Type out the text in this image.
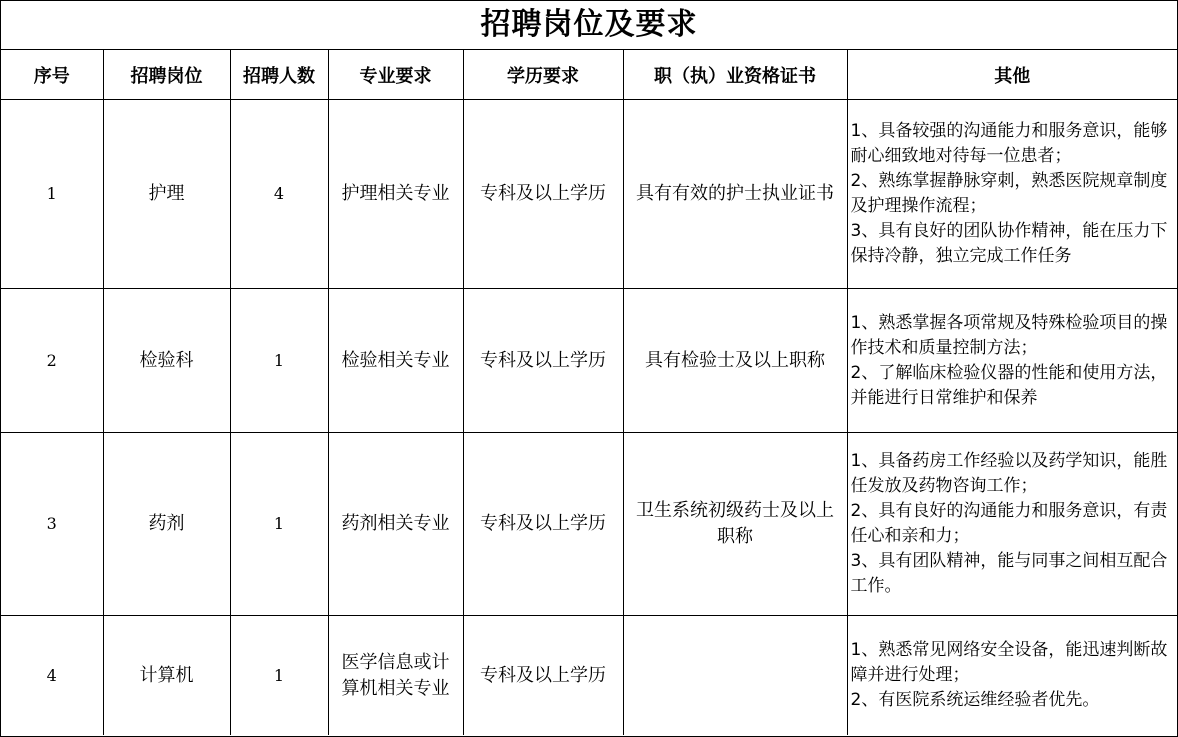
招聘岗位及要求
序号	招聘岗位	招聘人数	专业要求	学历要求	职（执）业资格证书	其他
1	护理	4	护理相关专业	专科及以上学历	具有有效的护士执业证书	1、具备较强的沟通能力和服务意识，能够耐心细致地对待每一位患者；
2、熟练掌握静脉穿刺，熟悉医院规章制度及护理操作流程；
3、具有良好的团队协作精神，能在压力下保持冷静，独立完成工作任务

2	检验科	1	检验相关专业	专科及以上学历	具有检验士及以上职称	1、熟悉掌握各项常规及特殊检验项目的操作技术和质量控制方法；
2、了解临床检验仪器的性能和使用方法，并能进行日常维护和保养

3	药剂	1	药剂相关专业	专科及以上学历	卫生系统初级药士及以上职称	1、具备药房工作经验以及药学知识，能胜任发放及药物咨询工作；
2、具有良好的沟通能力和服务意识，有责任心和亲和力；
3、具有团队精神，能与同事之间相互配合工作。

4	计算机	1	医学信息或计算机相关专业	专科及以上学历		1、熟悉常见网络安全设备，能迅速判断故障并进行处理；
2、有医院系统运维经验者优先。
